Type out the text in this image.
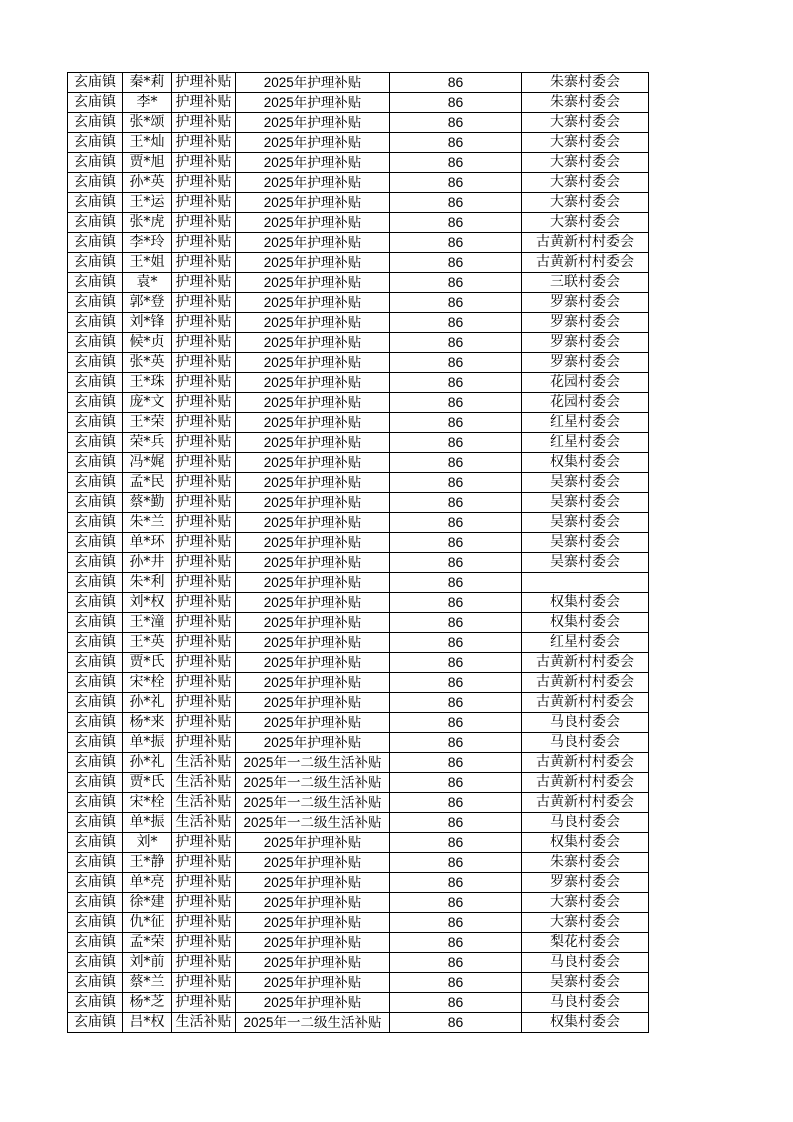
玄庙镇	秦*莉	护理补贴	2025年护理补贴	86	朱寨村委会
玄庙镇	李*	护理补贴	2025年护理补贴	86	朱寨村委会
玄庙镇	张*颂	护理补贴	2025年护理补贴	86	大寨村委会
玄庙镇	王*灿	护理补贴	2025年护理补贴	86	大寨村委会
玄庙镇	贾*旭	护理补贴	2025年护理补贴	86	大寨村委会
玄庙镇	孙*英	护理补贴	2025年护理补贴	86	大寨村委会
玄庙镇	王*运	护理补贴	2025年护理补贴	86	大寨村委会
玄庙镇	张*虎	护理补贴	2025年护理补贴	86	大寨村委会
玄庙镇	李*玲	护理补贴	2025年护理补贴	86	古黄新村村委会
玄庙镇	王*姐	护理补贴	2025年护理补贴	86	古黄新村村委会
玄庙镇	袁*	护理补贴	2025年护理补贴	86	三联村委会
玄庙镇	郭*登	护理补贴	2025年护理补贴	86	罗寨村委会
玄庙镇	刘*锋	护理补贴	2025年护理补贴	86	罗寨村委会
玄庙镇	候*贞	护理补贴	2025年护理补贴	86	罗寨村委会
玄庙镇	张*英	护理补贴	2025年护理补贴	86	罗寨村委会
玄庙镇	王*珠	护理补贴	2025年护理补贴	86	花园村委会
玄庙镇	庞*文	护理补贴	2025年护理补贴	86	花园村委会
玄庙镇	王*荣	护理补贴	2025年护理补贴	86	红星村委会
玄庙镇	荣*兵	护理补贴	2025年护理补贴	86	红星村委会
玄庙镇	冯*娓	护理补贴	2025年护理补贴	86	权集村委会
玄庙镇	孟*民	护理补贴	2025年护理补贴	86	吴寨村委会
玄庙镇	蔡*勤	护理补贴	2025年护理补贴	86	吴寨村委会
玄庙镇	朱*兰	护理补贴	2025年护理补贴	86	吴寨村委会
玄庙镇	单*环	护理补贴	2025年护理补贴	86	吴寨村委会
玄庙镇	孙*井	护理补贴	2025年护理补贴	86	吴寨村委会
玄庙镇	朱*利	护理补贴	2025年护理补贴	86	
玄庙镇	刘*权	护理补贴	2025年护理补贴	86	权集村委会
玄庙镇	王*潼	护理补贴	2025年护理补贴	86	权集村委会
玄庙镇	王*英	护理补贴	2025年护理补贴	86	红星村委会
玄庙镇	贾*氏	护理补贴	2025年护理补贴	86	古黄新村村委会
玄庙镇	宋*栓	护理补贴	2025年护理补贴	86	古黄新村村委会
玄庙镇	孙*礼	护理补贴	2025年护理补贴	86	古黄新村村委会
玄庙镇	杨*来	护理补贴	2025年护理补贴	86	马良村委会
玄庙镇	单*振	护理补贴	2025年护理补贴	86	马良村委会
玄庙镇	孙*礼	生活补贴	2025年一二级生活补贴	86	古黄新村村委会
玄庙镇	贾*氏	生活补贴	2025年一二级生活补贴	86	古黄新村村委会
玄庙镇	宋*栓	生活补贴	2025年一二级生活补贴	86	古黄新村村委会
玄庙镇	单*振	生活补贴	2025年一二级生活补贴	86	马良村委会
玄庙镇	刘*	护理补贴	2025年护理补贴	86	权集村委会
玄庙镇	王*静	护理补贴	2025年护理补贴	86	朱寨村委会
玄庙镇	单*亮	护理补贴	2025年护理补贴	86	罗寨村委会
玄庙镇	徐*建	护理补贴	2025年护理补贴	86	大寨村委会
玄庙镇	仇*征	护理补贴	2025年护理补贴	86	大寨村委会
玄庙镇	孟*荣	护理补贴	2025年护理补贴	86	梨花村委会
玄庙镇	刘*前	护理补贴	2025年护理补贴	86	马良村委会
玄庙镇	蔡*兰	护理补贴	2025年护理补贴	86	吴寨村委会
玄庙镇	杨*芝	护理补贴	2025年护理补贴	86	马良村委会
玄庙镇	吕*权	生活补贴	2025年一二级生活补贴	86	权集村委会
